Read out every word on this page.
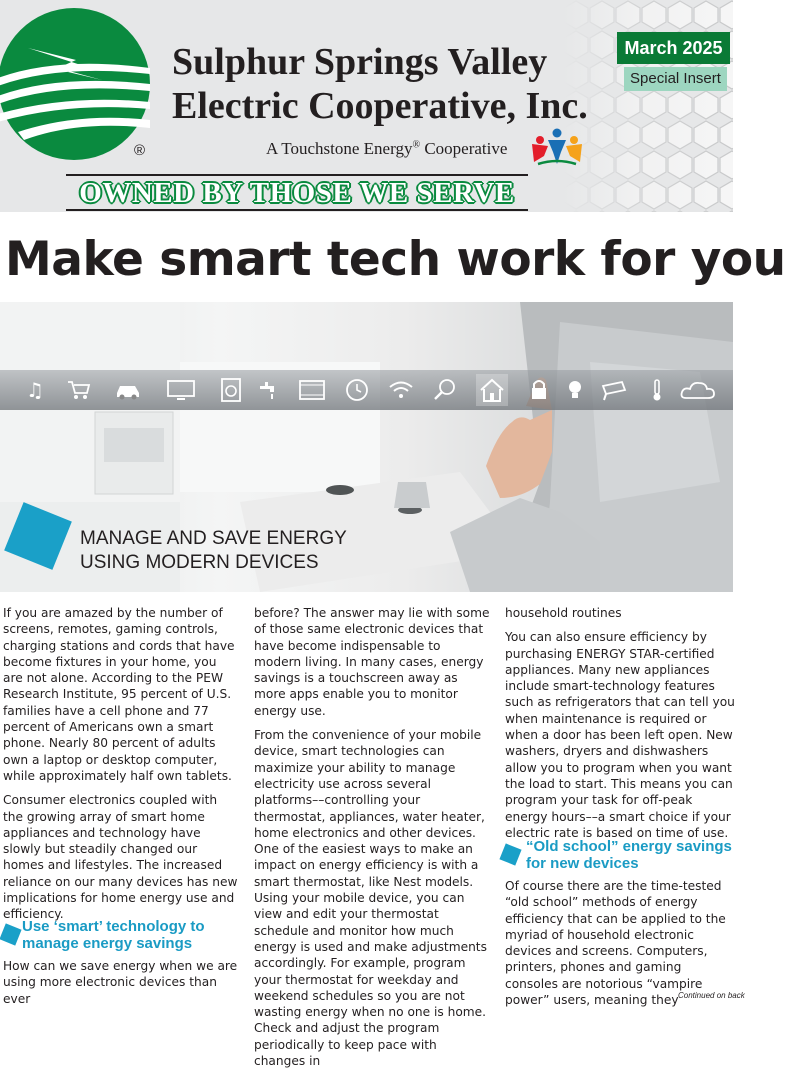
®
Sulphur Springs Valley
Electric Cooperative, Inc.
A Touchstone Energy® Cooperative
OWNED BY THOSE WE SERVE
March 2025
Special Insert
Make smart tech work for you
♫
MANAGE AND SAVE ENERGY
USING MODERN DEVICES

If you are amazed by the number of screens, remotes, gaming controls, charging stations and cords that have become fixtures in your home, you are not alone. According to the PEW Research Institute, 95 percent of U.S. families have a cell phone and 77 percent of Americans own a smart phone. Nearly 80 percent of adults own a laptop or desktop computer, while approximately half own tablets.

Consumer electronics coupled with the growing array of smart home appliances and technology have slowly but steadily changed our homes and lifestyles. The increased reliance on our many devices has new implications for home energy use and efficiency.

Use ‘smart’ technology to
manage energy savings

How can we save energy when we are using more electronic devices than ever

before? The answer may lie with some of those same electronic devices that have become indispensable to modern living. In many cases, energy savings is a touchscreen away as more apps enable you to monitor energy use.

From the convenience of your mobile device, smart technologies can maximize your ability to manage electricity use across several platforms––controlling your thermostat, appliances, water heater, home electronics and other devices. One of the easiest ways to make an impact on energy efficiency is with a smart thermostat, like Nest models. Using your mobile device, you can view and edit your thermostat schedule and monitor how much energy is used and make adjustments accordingly. For example, program your thermostat for weekday and weekend schedules so you are not wasting energy when no one is home. Check and adjust the program periodically to keep pace with changes in

household routines

You can also ensure efficiency by purchasing ENERGY STAR-certified appliances. Many new appliances include smart-technology features such as refrigerators that can tell you when maintenance is required or when a door has been left open. New washers, dryers and dishwashers allow you to program when you want the load to start. This means you can program your task for off-peak energy hours––a smart choice if your electric rate is based on time of use.

“Old school” energy savings
for new devices

Of course there are the time-tested “old school” methods of energy efficiency that can be applied to the myriad of household electronic devices and screens. Computers, printers, phones and gaming consoles are notorious “vampire power” users, meaning they Continued on back
